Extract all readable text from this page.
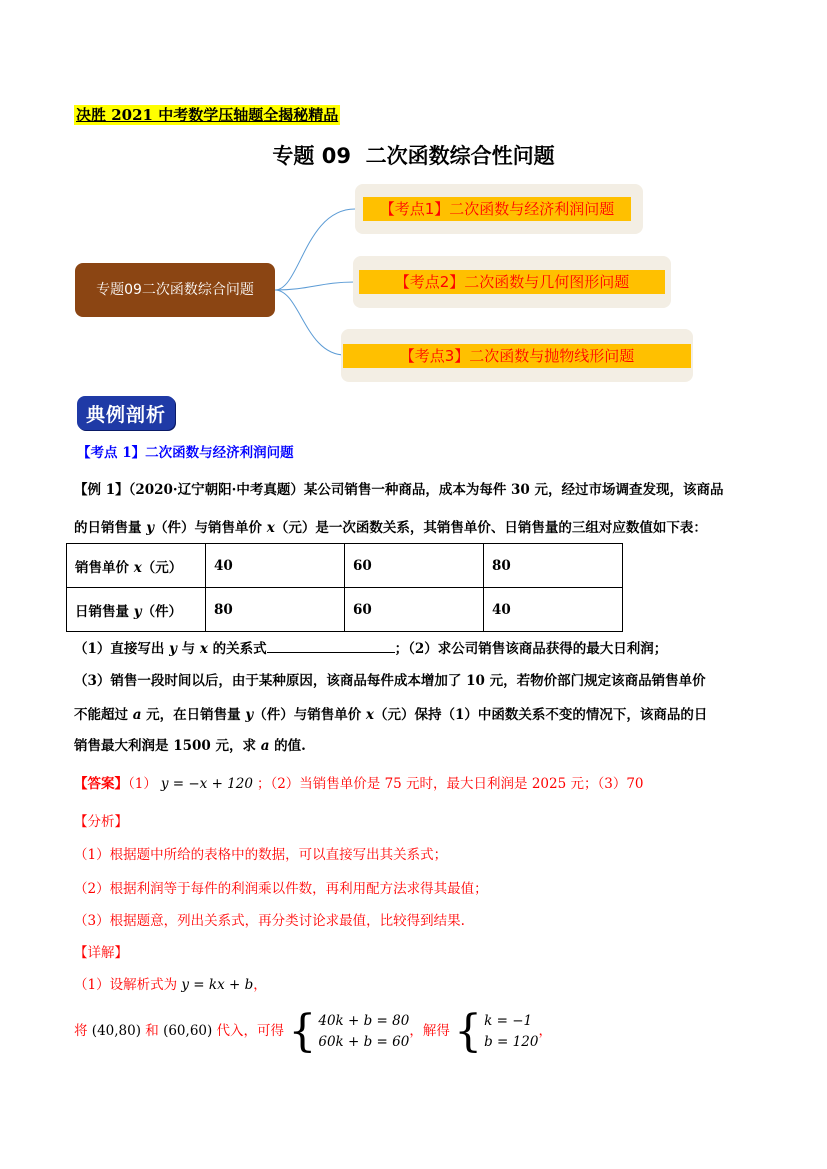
决胜 2021 中考数学压轴题全揭秘精品
专题 09  二次函数综合性问题
专题09二次函数综合问题
【考点1】二次函数与经济利润问题
【考点2】二次函数与几何图形问题
【考点3】二次函数与抛物线形问题
典例剖析
【考点 1】二次函数与经济利润问题
【例 1】（2020·辽宁朝阳·中考真题）某公司销售一种商品，成本为每件 30 元，经过市场调查发现，该商品
的日销售量 y（件）与销售单价 x（元）是一次函数关系，其销售单价、日销售量的三组对应数值如下表：
销售单价 x（元）	40	60	80
日销售量 y（件）	80	60	40
（1）直接写出 y 与 x 的关系式	；（2）求公司销售该商品获得的最大日利润；
（3）销售一段时间以后，由于某种原因，该商品每件成本增加了 10 元，若物价部门规定该商品销售单价
不能超过 a 元，在日销售量 y（件）与销售单价 x（元）保持（1）中函数关系不变的情况下，该商品的日
销售最大利润是 1500 元，求 a 的值.
【答案】（1） y = −x + 120 ；（2）当销售单价是 75 元时，最大日利润是 2025 元；（3）70
【分析】
（1）根据题中所给的表格中的数据，可以直接写出其关系式；
（2）根据利润等于每件的利润乘以件数，再利用配方法求得其最值；
（3）根据题意，列出关系式，再分类讨论求最值，比较得到结果.
【详解】
（1）设解析式为 y = kx + b，
将 (40,80) 和 (60,60) 代入，可得 { 40k + b = 80
60k + b = 60
，解得 { k = −1
b = 120
，
